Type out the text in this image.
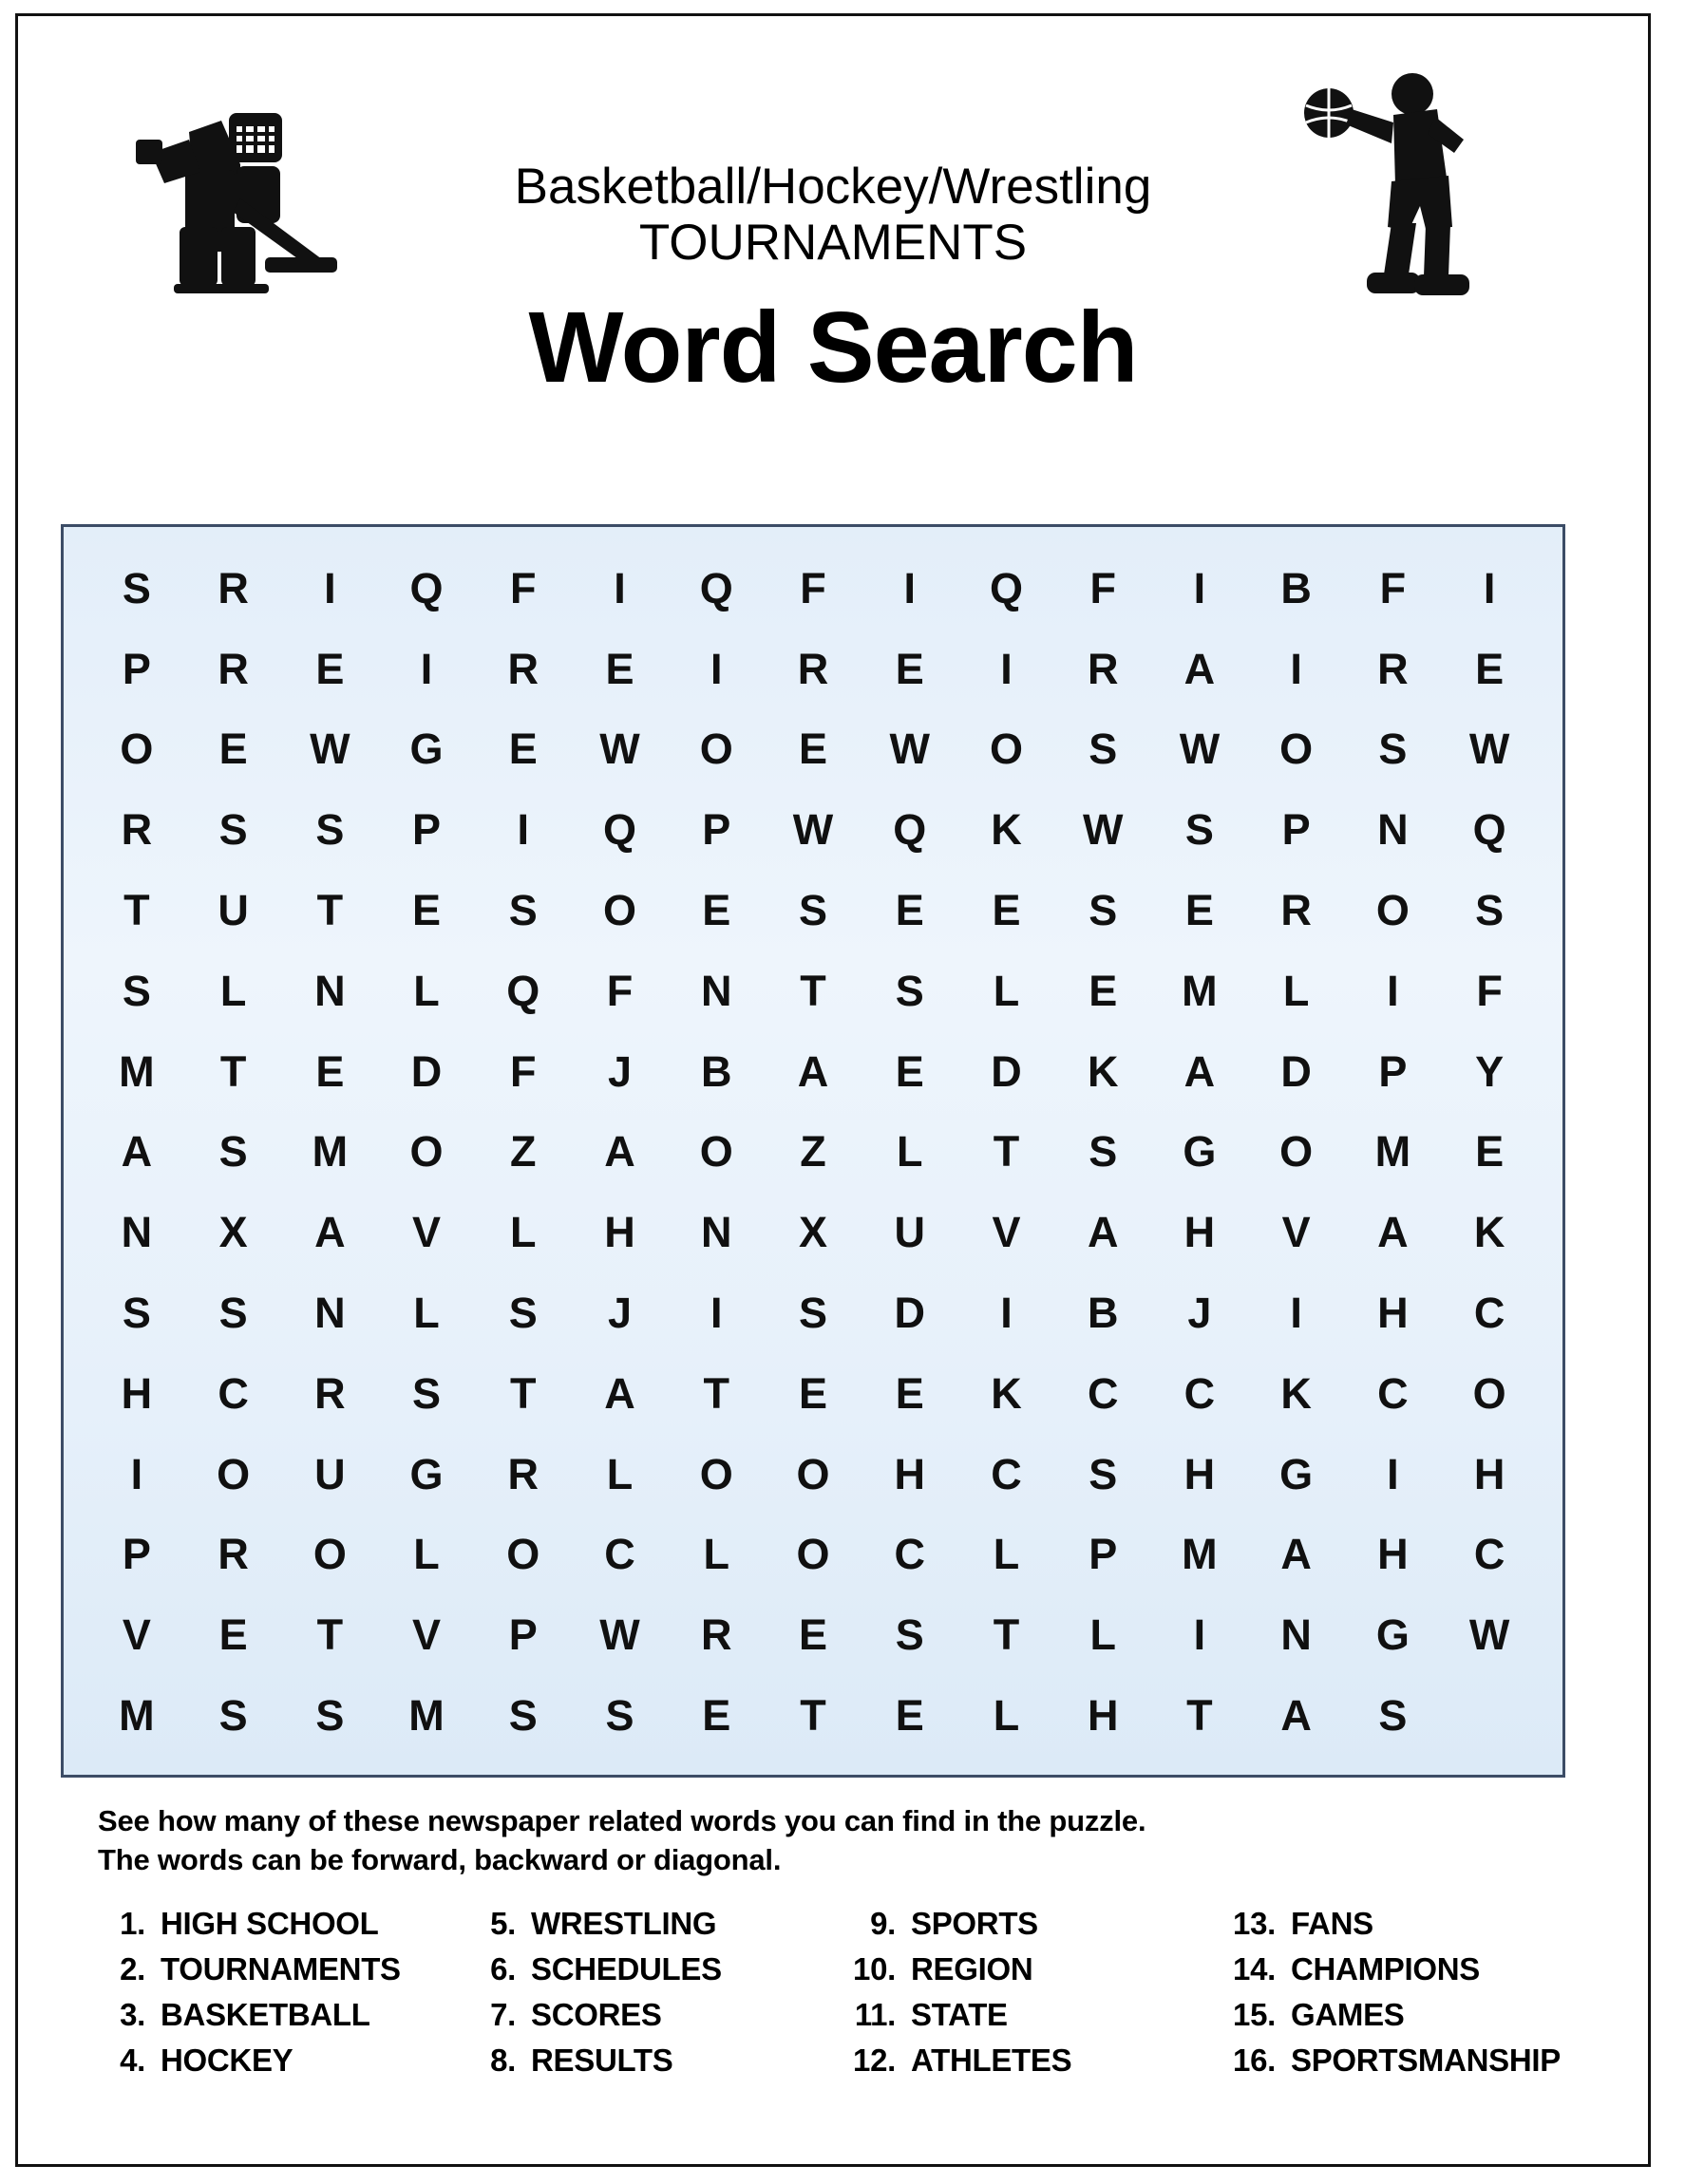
Basketball/Hockey/Wrestling
TOURNAMENTS
Word Search
S R I Q F I Q F I Q F I B F I
P R E I R E I R E I R A I R E
O E W G E W O E W O S W O S W
R S S P I Q P W Q K W S P N Q
T U T E S O E S E E S E R O S
S L N L Q F N T S L E M L I F
M T E D F J B A E D K A D P Y
A S M O Z A O Z L T S G O M E
N X A V L H N X U V A H V A K
S S N L S J I S D I B J I H C
H C R S T A T E E K C C K C O
I O U G R L O O H C S H G I H
P R O L O C L O C L P M A H C
V E T V P W R E S T L I N G W
M S S M S S E T E L H T A S
See how many of these newspaper related words you can find in the puzzle.
The words can be forward, backward or diagonal.
1. HIGH SCHOOL
2. TOURNAMENTS
3. BASKETBALL
4. HOCKEY
5. WRESTLING
6. SCHEDULES
7. SCORES
8. RESULTS
9. SPORTS
10. REGION
11. STATE
12. ATHLETES
13. FANS
14. CHAMPIONS
15. GAMES
16. SPORTSMANSHIP
